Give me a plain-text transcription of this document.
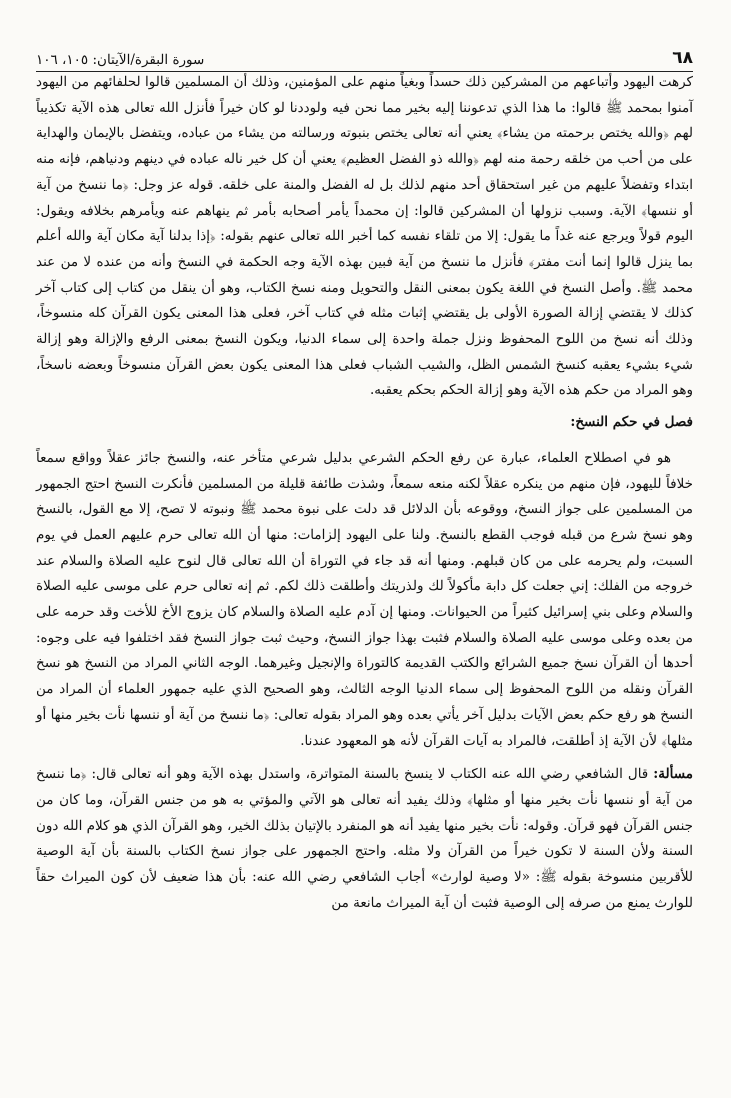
٦٨
سورة البقرة/الآيتان: ١٠٥، ١٠٦

كرهت اليهود وأتباعهم من المشركين ذلك حسداً وبغياً منهم على المؤمنين، وذلك أن المسلمين قالوا لحلفائهم من اليهود آمنوا بمحمد ﷺ قالوا: ما هذا الذي تدعوننا إليه بخير مما نحن فيه ولوددنا لو كان خيراً فأنزل الله تعالى هذه الآية تكذيباً لهم ﴿والله يختص برحمته من يشاء﴾ يعني أنه تعالى يختص بنبوته ورسالته من يشاء من عباده، ويتفضل بالإيمان والهداية على من أحب من خلقه رحمة منه لهم ﴿والله ذو الفضل العظيم﴾ يعني أن كل خير ناله عباده في دينهم ودنياهم، فإنه منه ابتداء وتفضلاً عليهم من غير استحقاق أحد منهم لذلك بل له الفضل والمنة على خلقه. قوله عز وجل: ﴿ما ننسخ من آية أو ننسها﴾ الآية. وسبب نزولها أن المشركين قالوا: إن محمداً يأمر أصحابه بأمر ثم ينهاهم عنه ويأمرهم بخلافه ويقول: اليوم قولاً ويرجع عنه غداً ما يقول: إلا من تلقاء نفسه كما أخبر الله تعالى عنهم بقوله: ﴿إذا بدلنا آية مكان آية والله أعلم بما ينزل قالوا إنما أنت مفتر﴾ فأنزل ما ننسخ من آية فبين بهذه الآية وجه الحكمة في النسخ وأنه من عنده لا من عند محمد ﷺ. وأصل النسخ في اللغة يكون بمعنى النقل والتحويل ومنه نسخ الكتاب، وهو أن ينقل من كتاب إلى كتاب آخر كذلك لا يقتضي إزالة الصورة الأولى بل يقتضي إثبات مثله في كتاب آخر، فعلى هذا المعنى يكون القرآن كله منسوخاً، وذلك أنه نسخ من اللوح المحفوظ ونزل جملة واحدة إلى سماء الدنيا، ويكون النسخ بمعنى الرفع والإزالة وهو إزالة شيء بشيء يعقبه كنسخ الشمس الظل، والشيب الشباب فعلى هذا المعنى يكون بعض القرآن منسوخاً وبعضه ناسخاً، وهو المراد من حكم هذه الآية وهو إزالة الحكم بحكم يعقبه.

فصل في حكم النسخ:

هو في اصطلاح العلماء، عبارة عن رفع الحكم الشرعي بدليل شرعي متأخر عنه، والنسخ جائز عقلاً وواقع سمعاً خلافاً لليهود، فإن منهم من ينكره عقلاً لكنه منعه سمعاً، وشذت طائفة قليلة من المسلمين فأنكرت النسخ احتج الجمهور من المسلمين على جواز النسخ، ووقوعه بأن الدلائل قد دلت على نبوة محمد ﷺ ونبوته لا تصح، إلا مع القول، بالنسخ وهو نسخ شرع من قبله فوجب القطع بالنسخ. ولنا على اليهود إلزامات: منها أن الله تعالى حرم عليهم العمل في يوم السبت، ولم يحرمه على من كان قبلهم. ومنها أنه قد جاء في التوراة أن الله تعالى قال لنوح عليه الصلاة والسلام عند خروجه من الفلك: إني جعلت كل دابة مأكولاً لك ولذريتك وأطلقت ذلك لكم. ثم إنه تعالى حرم على موسى عليه الصلاة والسلام وعلى بني إسرائيل كثيراً من الحيوانات. ومنها إن آدم عليه الصلاة والسلام كان يزوج الأخ للأخت وقد حرمه على من بعده وعلى موسى عليه الصلاة والسلام فثبت بهذا جواز النسخ، وحيث ثبت جواز النسخ فقد اختلفوا فيه على وجوه: أحدها أن القرآن نسخ جميع الشرائع والكتب القديمة كالتوراة والإنجيل وغيرهما. الوجه الثاني المراد من النسخ هو نسخ القرآن ونقله من اللوح المحفوظ إلى سماء الدنيا الوجه الثالث، وهو الصحيح الذي عليه جمهور العلماء أن المراد من النسخ هو رفع حكم بعض الآيات بدليل آخر يأتي بعده وهو المراد بقوله تعالى: ﴿ما ننسخ من آية أو ننسها نأت بخير منها أو مثلها﴾ لأن الآية إذ أطلقت، فالمراد به آيات القرآن لأنه هو المعهود عندنا.

مسألة: قال الشافعي رضي الله عنه الكتاب لا ينسخ بالسنة المتواترة، واستدل بهذه الآية وهو أنه تعالى قال: ﴿ما ننسخ من آية أو ننسها نأت بخير منها أو مثلها﴾ وذلك يفيد أنه تعالى هو الآتي والمؤتي به هو من جنس القرآن، وما كان من جنس القرآن فهو قرآن. وقوله: نأت بخير منها يفيد أنه هو المنفرد بالإتيان بذلك الخير، وهو القرآن الذي هو كلام الله دون السنة ولأن السنة لا تكون خيراً من القرآن ولا مثله. واحتج الجمهور على جواز نسخ الكتاب بالسنة بأن آية الوصية للأقربين منسوخة بقوله ﷺ: «لا وصية لوارث» أجاب الشافعي رضي الله عنه: بأن هذا ضعيف لأن كون الميراث حقاً للوارث يمنع من صرفه إلى الوصية فثبت أن آية الميراث مانعة من
